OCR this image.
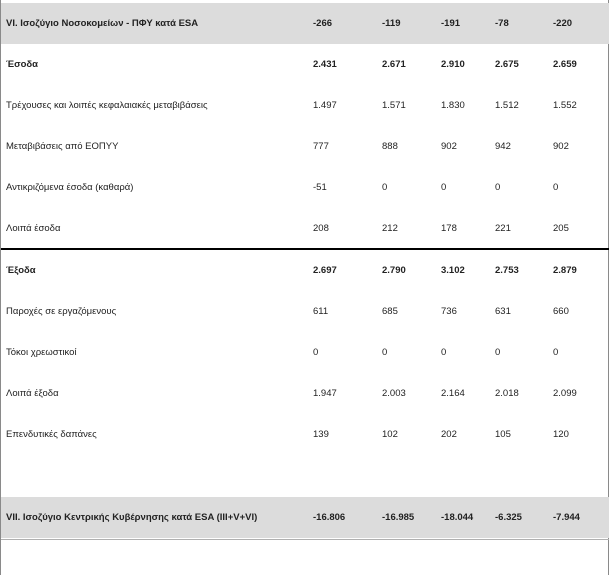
VI. Ισοζύγιο Νοσοκομείων - ΠΦΥ κατά ESA	-266	-119	-191	-78	-220
Έσοδα	2.431	2.671	2.910	2.675	2.659
Τρέχουσες και λοιπές κεφαλαιακές μεταβιβάσεις	1.497	1.571	1.830	1.512	1.552
Μεταβιβάσεις από ΕΟΠΥΥ	777	888	902	942	902
Αντικριζόμενα έσοδα (καθαρά)	-51	0	0	0	0
Λοιπά έσοδα	208	212	178	221	205
Έξοδα	2.697	2.790	3.102	2.753	2.879
Παροχές σε εργαζόμενους	611	685	736	631	660
Τόκοι χρεωστικοί	0	0	0	0	0
Λοιπά έξοδα	1.947	2.003	2.164	2.018	2.099
Επενδυτικές δαπάνες	139	102	202	105	120
VII. Ισοζύγιο Κεντρικής Κυβέρνησης κατά ESA (III+V+VI)	-16.806	-16.985	-18.044 -6.325	-7.944
